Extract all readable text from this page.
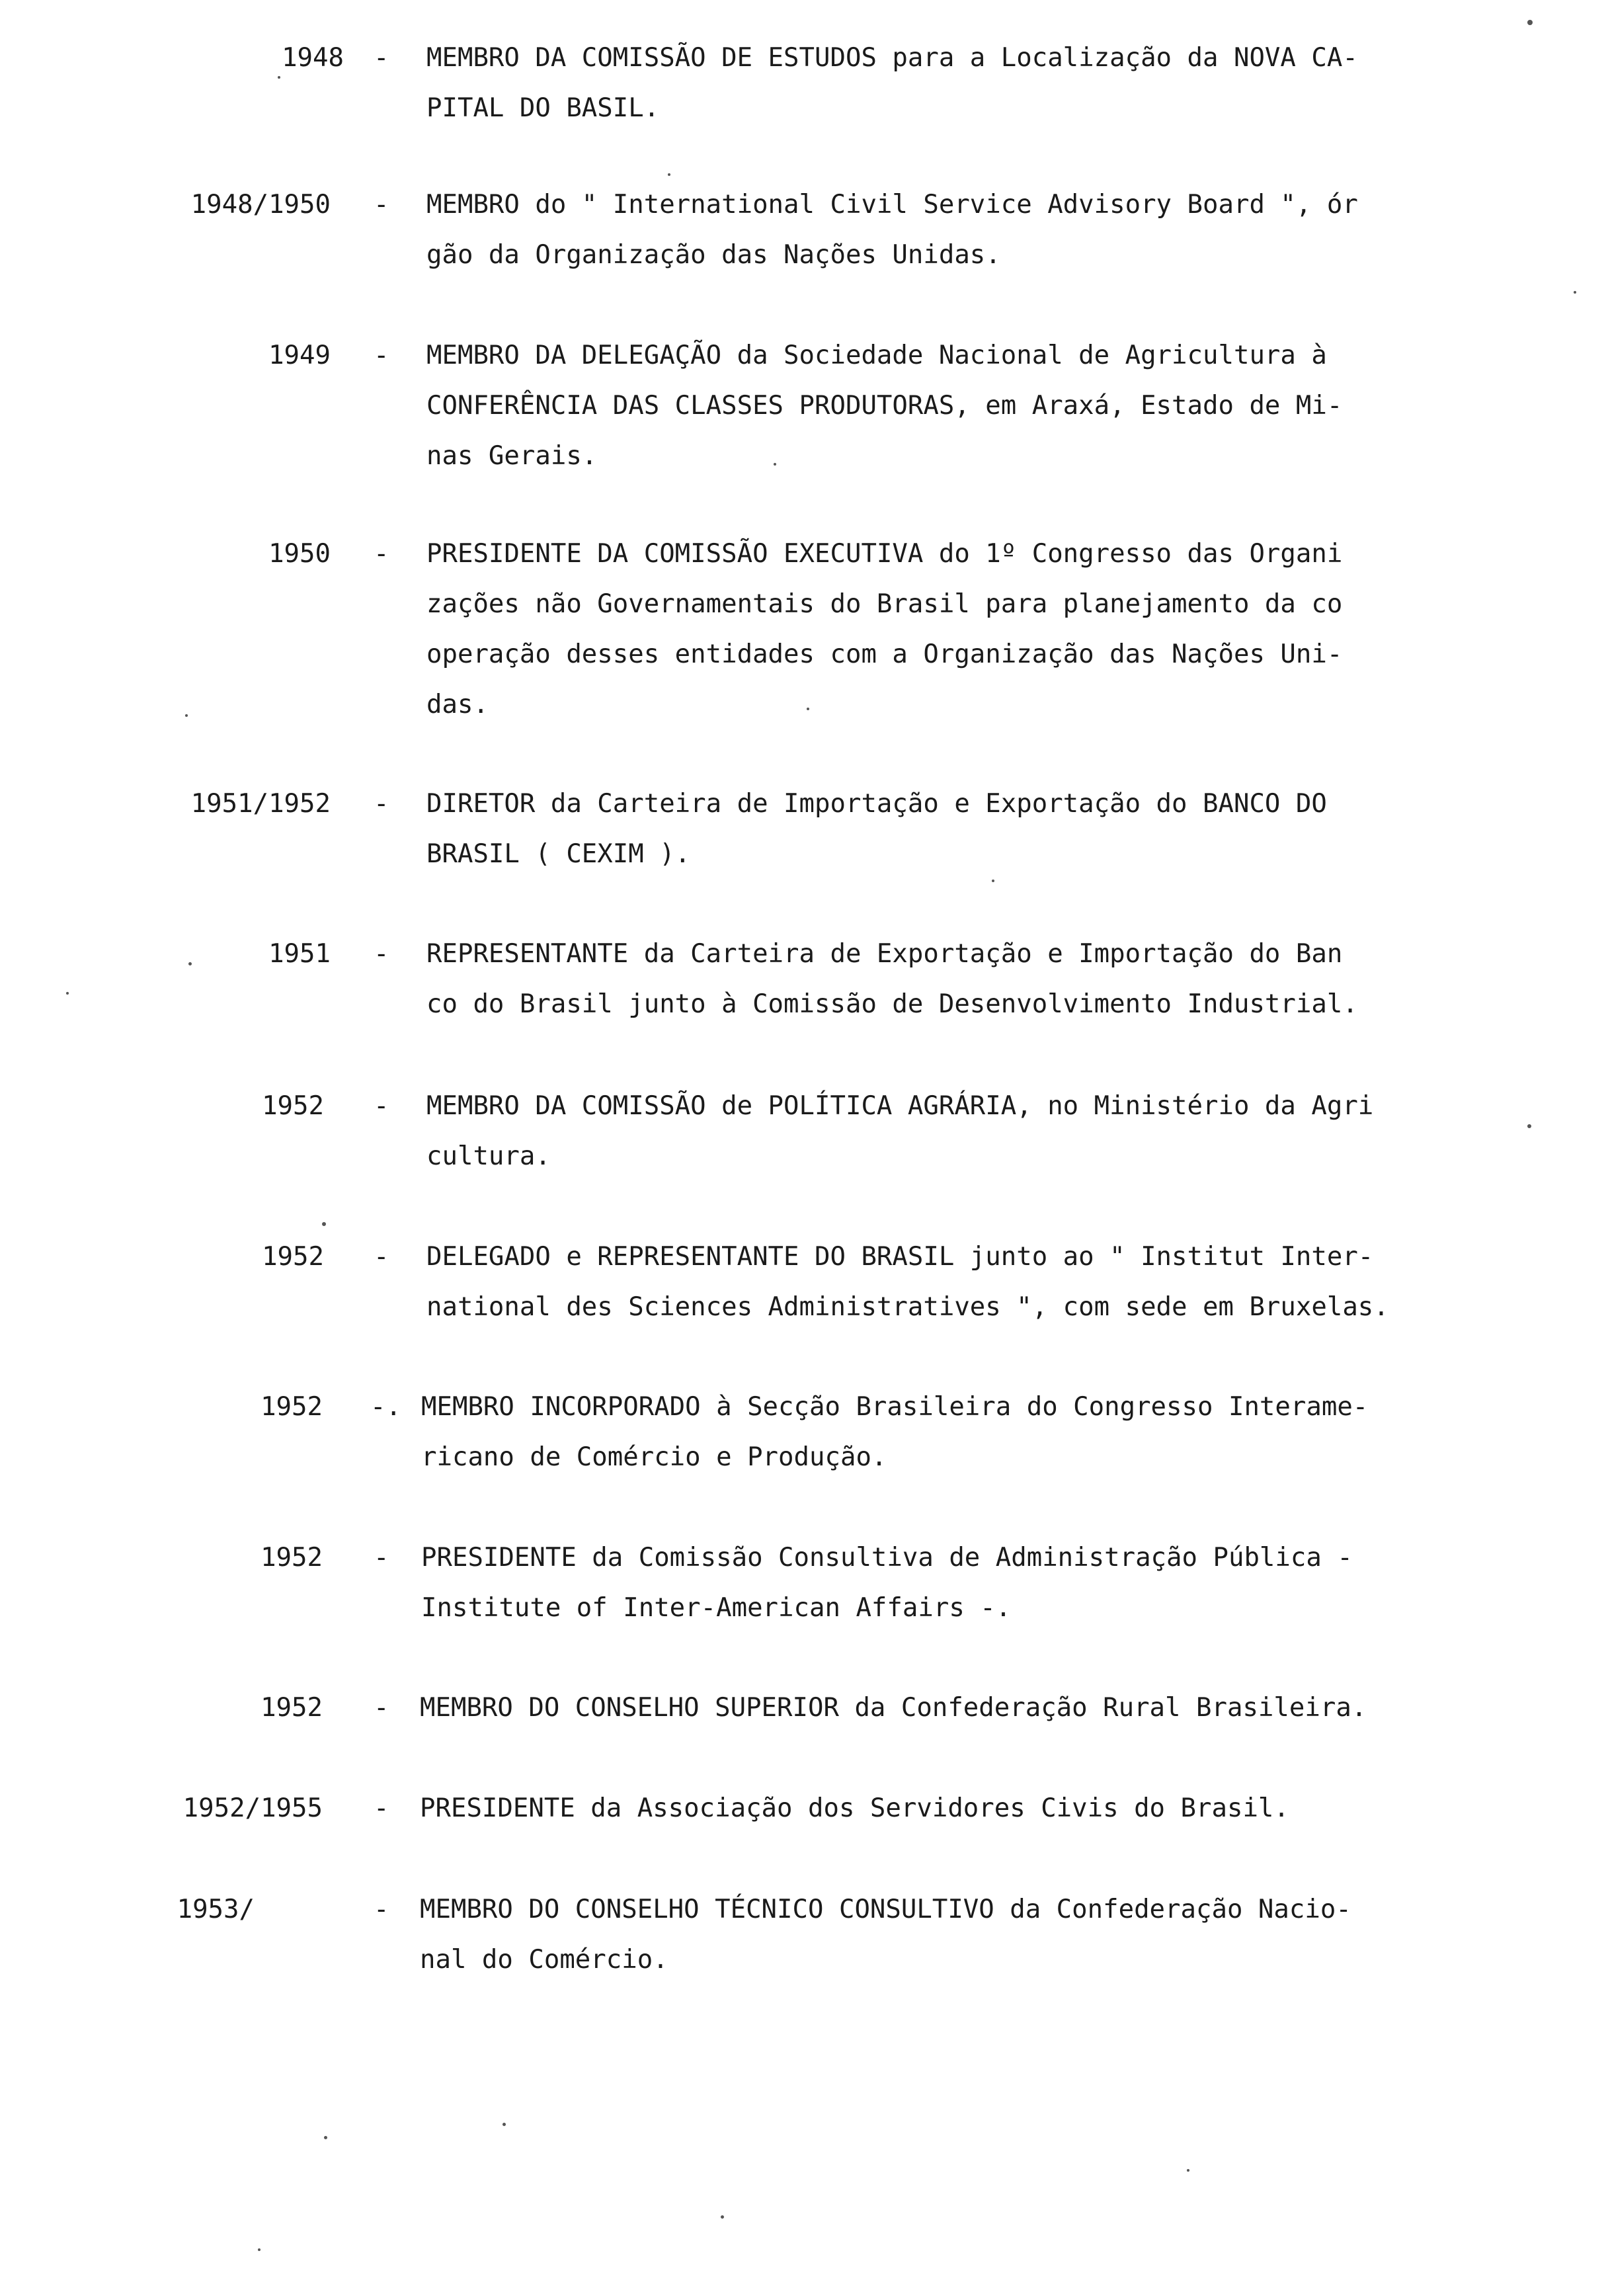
1948 - MEMBRO DA COMISSÃO DE ESTUDOS para a Localização da NOVA CA-
PITAL DO BASIL.
1948/1950 - MEMBRO do " International Civil Service Advisory Board ", ór
gão da Organização das Nações Unidas.
1949 - MEMBRO DA DELEGAÇÃO da Sociedade Nacional de Agricultura à
CONFERÊNCIA DAS CLASSES PRODUTORAS, em Araxá, Estado de Mi-
nas Gerais.
1950 - PRESIDENTE DA COMISSÃO EXECUTIVA do 1º Congresso das Organi
zações não Governamentais do Brasil para planejamento da co
operação desses entidades com a Organização das Nações Uni-
das.
1951/1952 - DIRETOR da Carteira de Importação e Exportação do BANCO DO
BRASIL ( CEXIM ).
1951 - REPRESENTANTE da Carteira de Exportação e Importação do Ban
co do Brasil junto à Comissão de Desenvolvimento Industrial.
1952 - MEMBRO DA COMISSÃO de POLÍTICA AGRÁRIA, no Ministério da Agri
cultura.
1952 - DELEGADO e REPRESENTANTE DO BRASIL junto ao " Institut Inter-
national des Sciences Administratives ", com sede em Bruxelas.
1952 -. MEMBRO INCORPORADO à Secção Brasileira do Congresso Interame-
ricano de Comércio e Produção.
1952 - PRESIDENTE da Comissão Consultiva de Administração Pública -
Institute of Inter-American Affairs -.
1952 - MEMBRO DO CONSELHO SUPERIOR da Confederação Rural Brasileira.
1952/1955 - PRESIDENTE da Associação dos Servidores Civis do Brasil.
1953/	- MEMBRO DO CONSELHO TÉCNICO CONSULTIVO da Confederação Nacio-
nal do Comércio.
